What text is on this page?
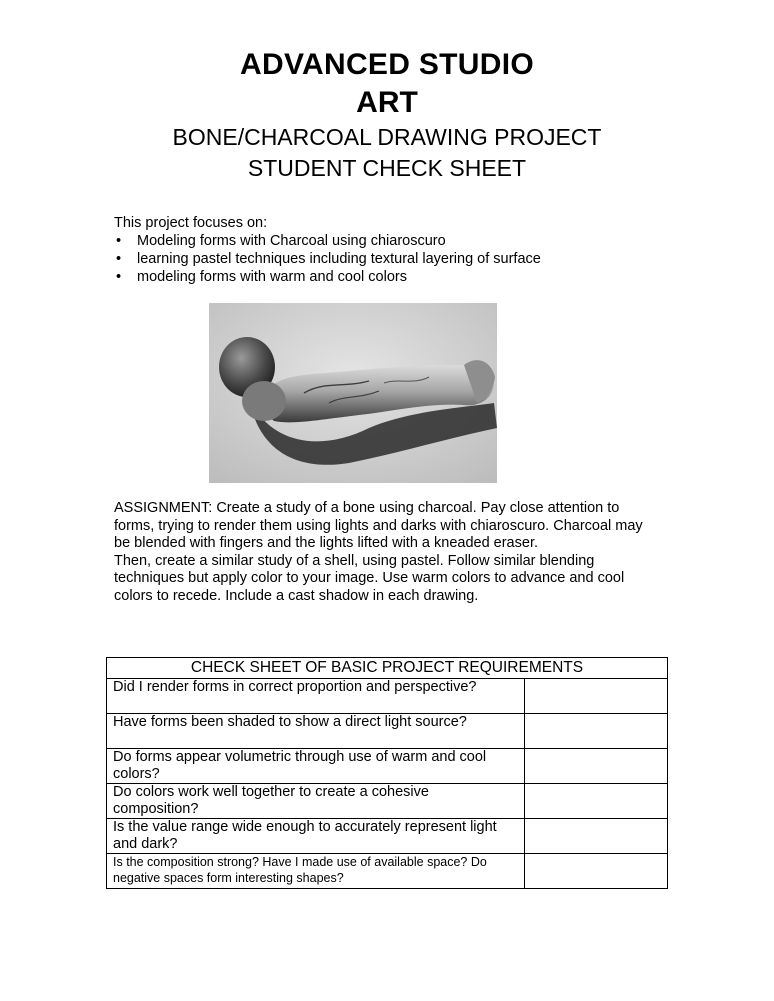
ADVANCED STUDIO
ART
BONE/CHARCOAL DRAWING PROJECT
STUDENT CHECK SHEET
This project focuses on:
• Modeling forms with Charcoal using chiaroscuro
• learning pastel techniques including textural layering of surface
• modeling forms with warm and cool colors
ASSIGNMENT: Create a study of a bone using charcoal. Pay close attention to forms, trying to render them using lights and darks with chiaroscuro. Charcoal may be blended with fingers and the lights lifted with a kneaded eraser.
Then, create a similar study of a shell, using pastel. Follow similar blending techniques but apply color to your image. Use warm colors to advance and cool colors to recede. Include a cast shadow in each drawing.
CHECK SHEET OF BASIC PROJECT REQUIREMENTS	
Did I render forms in correct proportion and perspective?	
Have forms been shaded to show a direct light source?	
Do forms appear volumetric through use of warm and cool colors?	
Do colors work well together to create a cohesive composition?	
Is the value range wide enough to accurately represent light and dark?	
Is the composition strong? Have I made use of available space? Do negative spaces form interesting shapes?	
